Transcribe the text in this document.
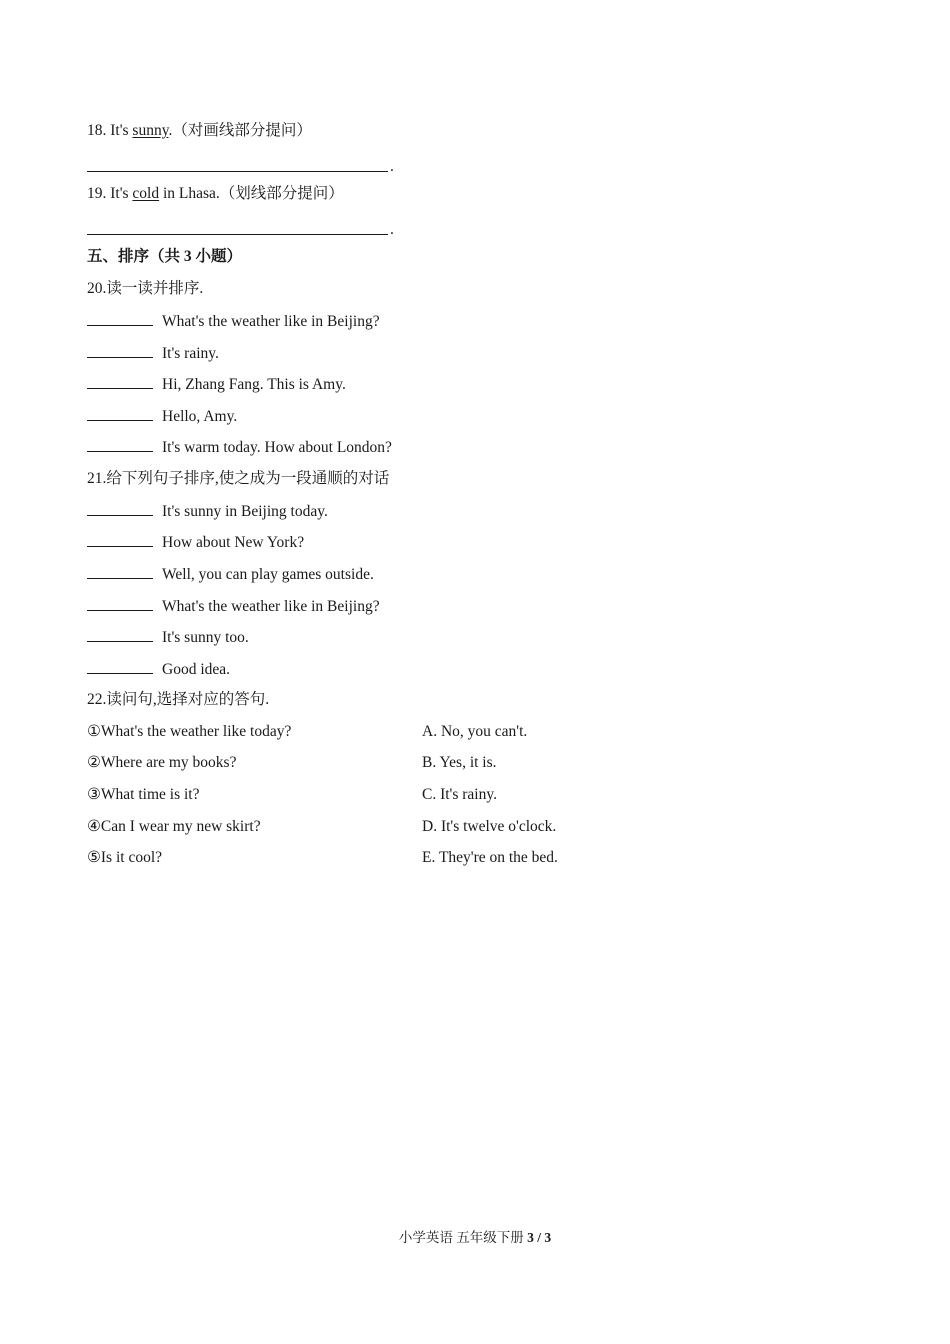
18. It's sunny.（对画线部分提问）
.
19. It's cold in Lhasa.（划线部分提问）
.
五、排序（共 3 小题）
20.读一读并排序.
What's the weather like in Beijing?
It's rainy.
Hi, Zhang Fang. This is Amy.
Hello, Amy.
It's warm today. How about London?
21.给下列句子排序,使之成为一段通顺的对话
It's sunny in Beijing today.
How about New York?
Well, you can play games outside.
What's the weather like in Beijing?
It's sunny too.
Good idea.
22.读问句,选择对应的答句.
①What's the weather like today?	A. No, you can't.
②Where are my books?	B. Yes, it is.
③What time is it?	C. It's rainy.
④Can I wear my new skirt?	D. It's twelve o'clock.
⑤Is it cool?	E. They're on the bed.
小学英语 五年级下册 3 / 3
